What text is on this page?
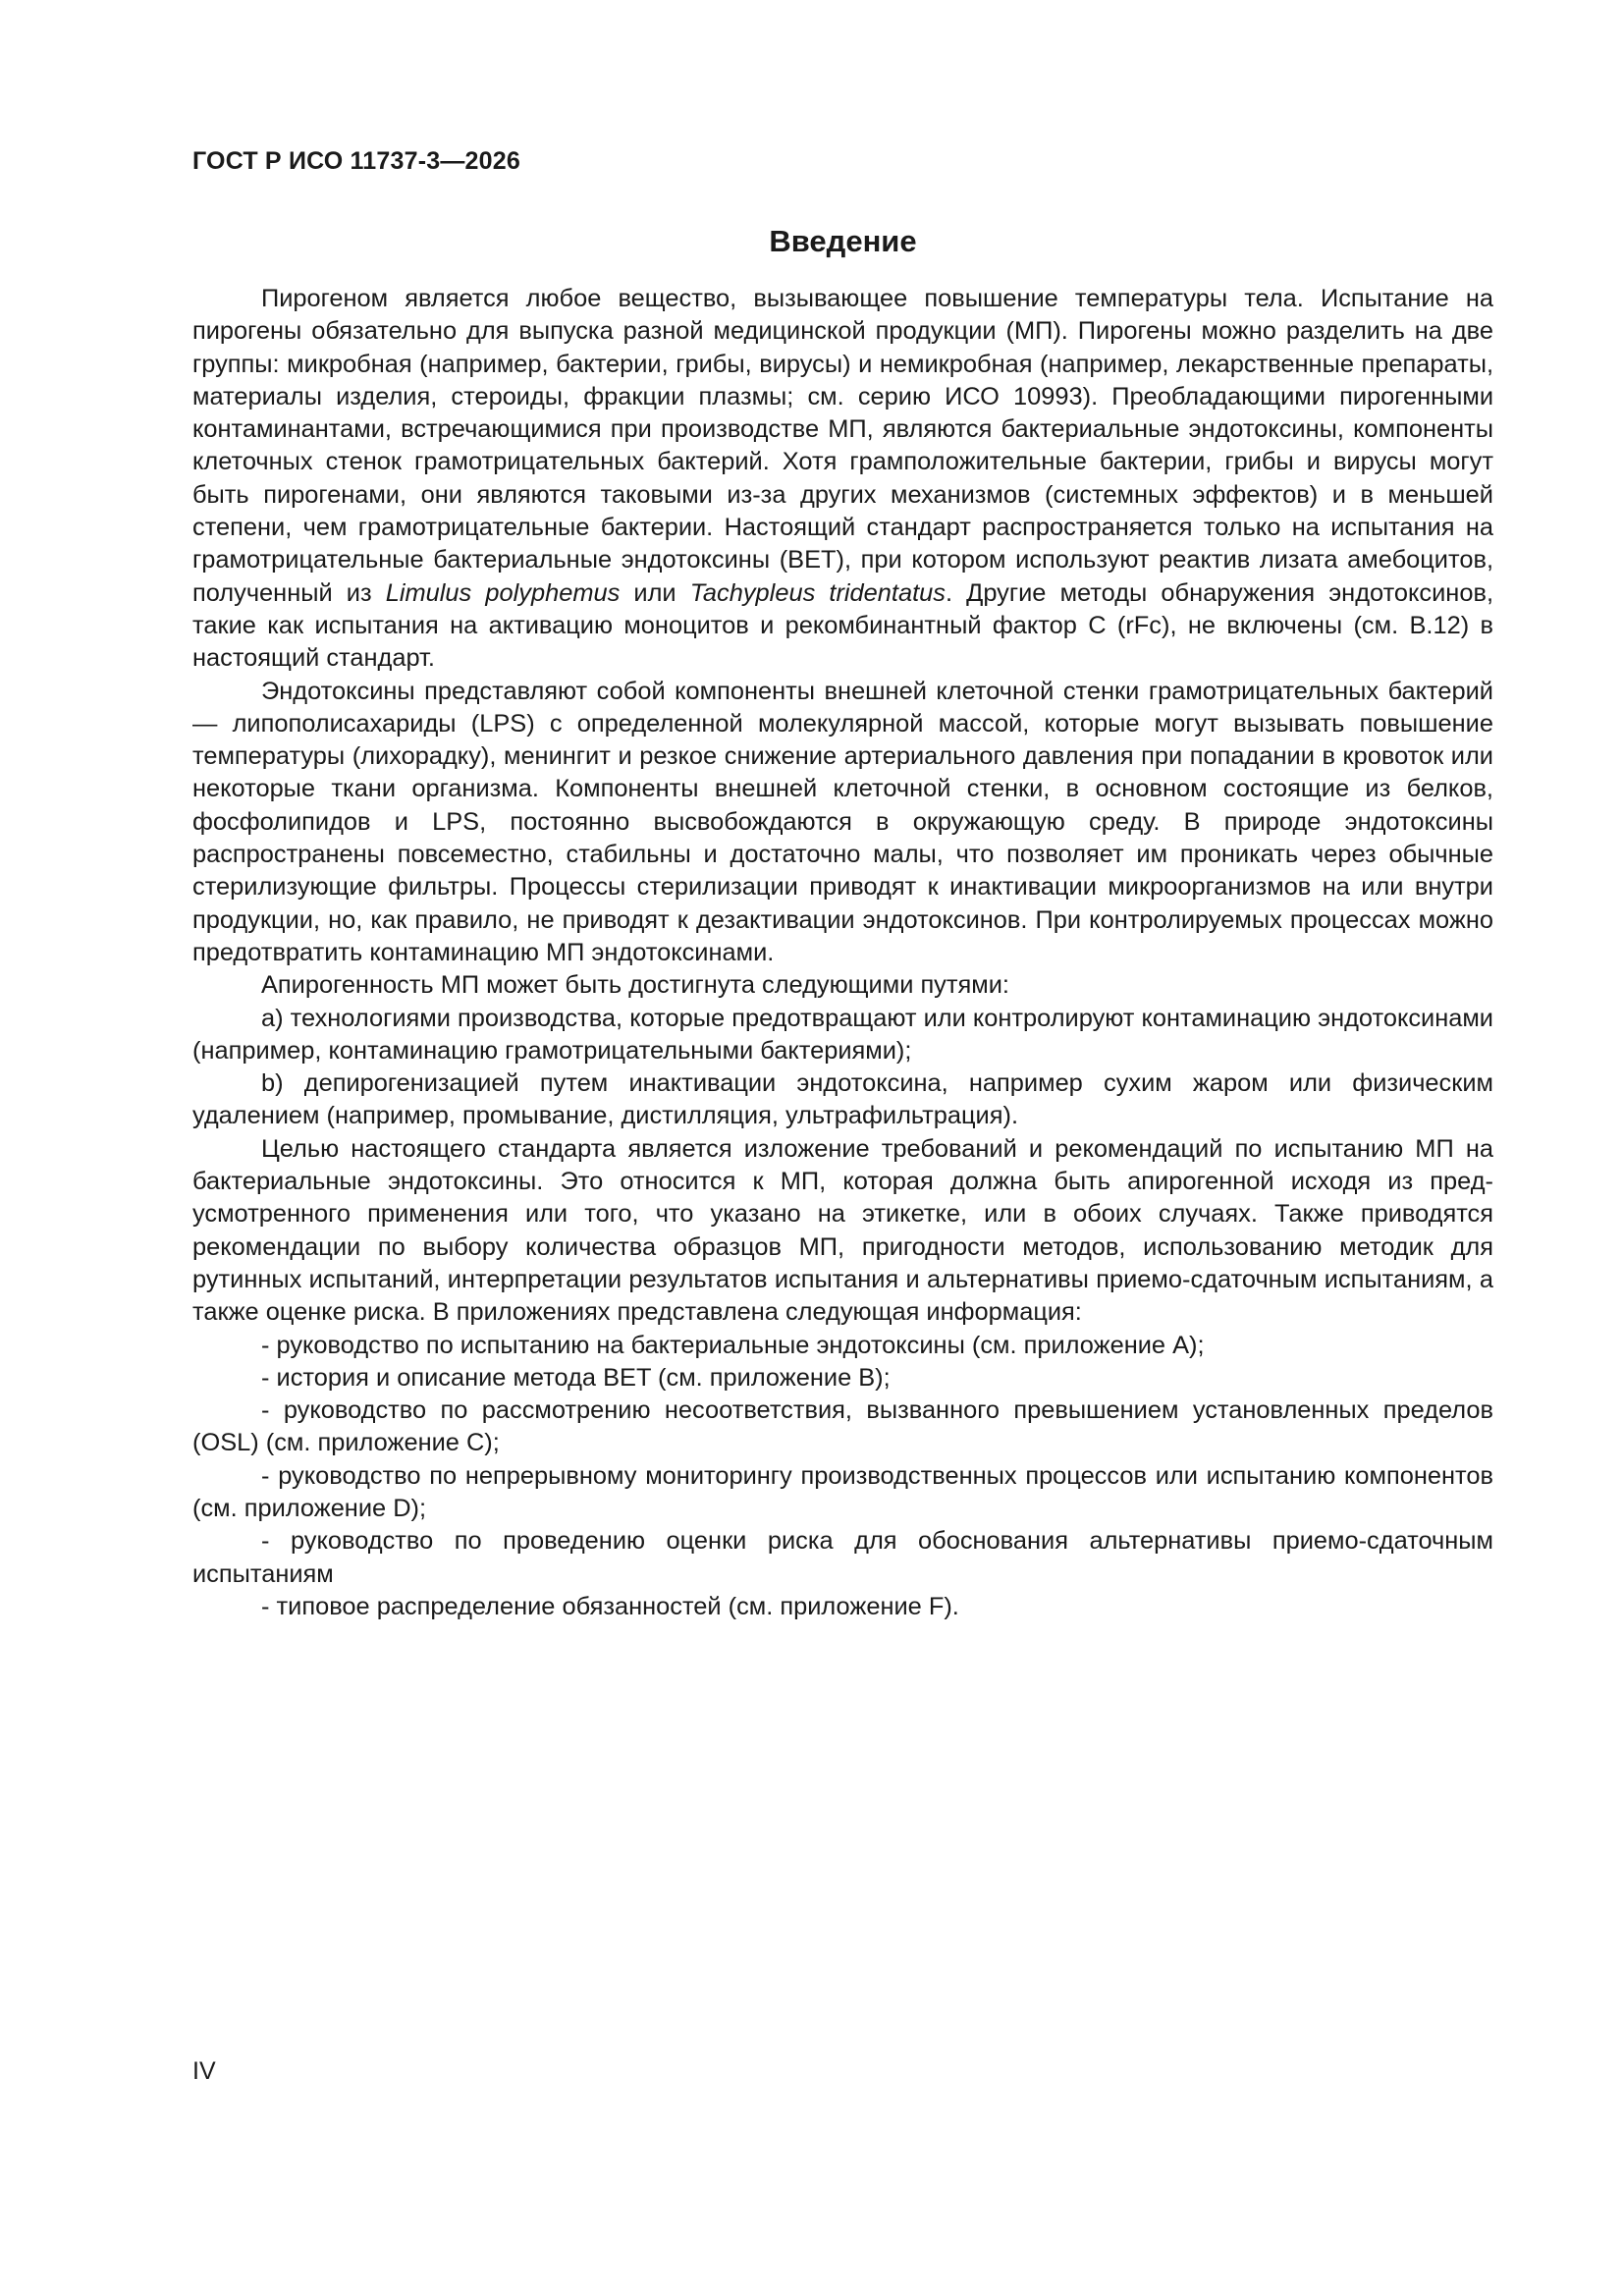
ГОСТ Р ИСО 11737-3—2026
Введение

Пирогеном является любое вещество, вызывающее повышение температуры тела. Испытание на пирогены обязательно для выпуска разной медицинской продукции (МП). Пирогены можно разделить на две группы: микробная (например, бактерии, грибы, вирусы) и немикробная (например, лекарственные препараты, материалы изделия, стероиды, фракции плазмы; см. серию ИСО 10993). Преобладающими пирогенными контаминантами, встречающимися при производстве МП, являются бактериальные эндотоксины, компоненты клеточных стенок грамотрицательных бактерий. Хотя грамположительные бактерии, грибы и вирусы могут быть пирогенами, они являются таковыми из-за других механизмов (системных эффектов) и в меньшей степени, чем грамотрицательные бактерии. Настоящий стандарт распространяется только на испытания на грамотрицательные бактериальные эндотоксины (BET), при котором используют реактив лизата амебоцитов, полученный из Limulus polyphemus или Tachypleus tridentatus. Другие методы обнаружения эндотоксинов, такие как испытания на активацию моноцитов и рекомбинантный фактор C (rFc), не включены (см. B.12) в настоящий стандарт.

Эндотоксины представляют собой компоненты внешней клеточной стенки грамотрицательных бактерий — липополисахариды (LPS) с определенной молекулярной массой, которые могут вызывать повышение температуры (лихорадку), менингит и резкое снижение артериального давления при попадании в кровоток или некоторые ткани организма. Компоненты внешней клеточной стенки, в основном состоящие из белков, фосфолипидов и LPS, постоянно высвобождаются в окружающую среду. В природе эндотоксины распространены повсеместно, стабильны и достаточно малы, что позволяет им проникать через обычные стерилизующие фильтры. Процессы стерилизации приводят к инактивации микроорганизмов на или внутри продукции, но, как правило, не приводят к дезактивации эндотоксинов. При контролируемых процессах можно предотвратить контаминацию МП эндотоксинами.

Апирогенность МП может быть достигнута следующими путями:

a) технологиями производства, которые предотвращают или контролируют контаминацию эндотоксинами (например, контаминацию грамотрицательными бактериями);

b) депирогенизацией путем инактивации эндотоксина, например сухим жаром или физическим удалением (например, промывание, дистилляция, ультрафильтрация).

Целью настоящего стандарта является изложение требований и рекомендаций по испытанию МП на бактериальные эндотоксины. Это относится к МП, которая должна быть апирогенной исходя из предусмотренного применения или того, что указано на этикетке, или в обоих случаях. Также приводятся рекомендации по выбору количества образцов МП, пригодности методов, использованию методик для рутинных испытаний, интерпретации результатов испытания и альтернативы приемо-сдаточным испытаниям, а также оценке риска. В приложениях представлена следующая информация:

- руководство по испытанию на бактериальные эндотоксины (см. приложение A);

- история и описание метода BET (см. приложение B);

- руководство по рассмотрению несоответствия, вызванного превышением установленных пределов (OSL) (см. приложение C);

- руководство по непрерывному мониторингу производственных процессов или испытанию компонентов (см. приложение D);

- руководство по проведению оценки риска для обоснования альтернативы приемо-сдаточным испытаниям

- типовое распределение обязанностей (см. приложение F).

IV
